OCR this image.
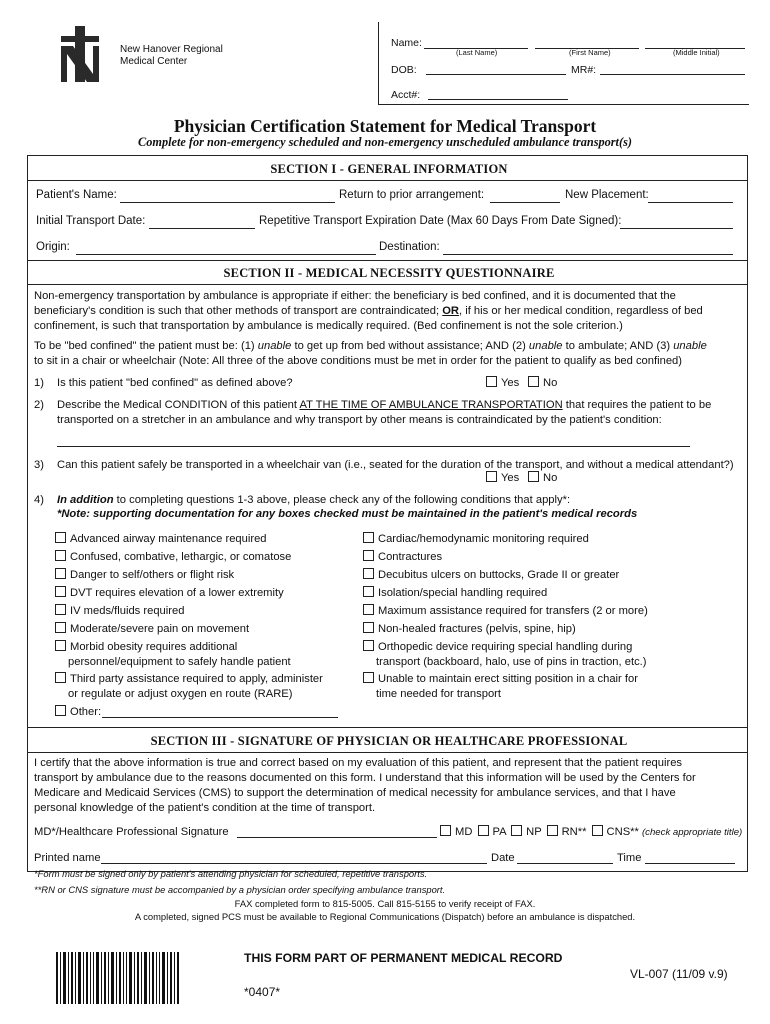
New Hanover Regional
Medical Center
Name:
(Last Name)	(First Name)	(Middle Initial)
DOB:	MR#:
Acct#:
Physician Certification Statement for Medical Transport
Complete for non-emergency scheduled and non-emergency unscheduled ambulance transport(s)
SECTION I - GENERAL INFORMATION
Patient's Name:	Return to prior arrangement:	New Placement:
Initial Transport Date:	Repetitive Transport Expiration Date (Max 60 Days From Date Signed):
Origin:	Destination:
SECTION II - MEDICAL NECESSITY QUESTIONNAIRE
Non-emergency transportation by ambulance is appropriate if either: the beneficiary is bed confined, and it is documented that the
beneficiary's condition is such that other methods of transport are contraindicated; OR, if his or her medical condition, regardless of bed
confinement, is such that transportation by ambulance is medically required. (Bed confinement is not the sole criterion.)
To be "bed confined" the patient must be: (1) unable to get up from bed without assistance; AND (2) unable to ambulate; AND (3) unable
to sit in a chair or wheelchair (Note: All three of the above conditions must be met in order for the patient to qualify as bed confined)
1) Is this patient "bed confined" as defined above?	Yes	No
2) Describe the Medical CONDITION of this patient AT THE TIME OF AMBULANCE TRANSPORTATION that requires the patient to be
transported on a stretcher in an ambulance and why transport by other means is contraindicated by the patient's condition:
3) Can this patient safely be transported in a wheelchair van (i.e., seated for the duration of the transport, and without a medical attendant?)
Yes	No
4) In addition to completing questions 1-3 above, please check any of the following conditions that apply*:
*Note: supporting documentation for any boxes checked must be maintained in the patient's medical records
Advanced airway maintenance required
Confused, combative, lethargic, or comatose
Danger to self/others or flight risk
DVT requires elevation of a lower extremity
IV meds/fluids required
Moderate/severe pain on movement
Morbid obesity requires additional
personnel/equipment to safely handle patient
Third party assistance required to apply, administer
or regulate or adjust oxygen en route (RARE)
Other:
Cardiac/hemodynamic monitoring required
Contractures
Decubitus ulcers on buttocks, Grade II or greater
Isolation/special handling required
Maximum assistance required for transfers (2 or more)
Non-healed fractures (pelvis, spine, hip)
Orthopedic device requiring special handling during
transport (backboard, halo, use of pins in traction, etc.)
Unable to maintain erect sitting position in a chair for
time needed for transport
SECTION III - SIGNATURE OF PHYSICIAN OR HEALTHCARE PROFESSIONAL
I certify that the above information is true and correct based on my evaluation of this patient, and represent that the patient requires
transport by ambulance due to the reasons documented on this form. I understand that this information will be used by the Centers for
Medicare and Medicaid Services (CMS) to support the determination of medical necessity for ambulance services, and that I have
personal knowledge of the patient's condition at the time of transport.
MD*/Healthcare Professional Signature	MD PA NP RN** CNS** (check appropriate title)
Printed name	Date	Time
*Form must be signed only by patient's attending physician for scheduled, repetitive transports.
**RN or CNS signature must be accompanied by a physician order specifying ambulance transport.
FAX completed form to 815-5005. Call 815-5155 to verify receipt of FAX.
A completed, signed PCS must be available to Regional Communications (Dispatch) before an ambulance is dispatched.
THIS FORM PART OF PERMANENT MEDICAL RECORD
*0407*
VL-007 (11/09 v.9)
